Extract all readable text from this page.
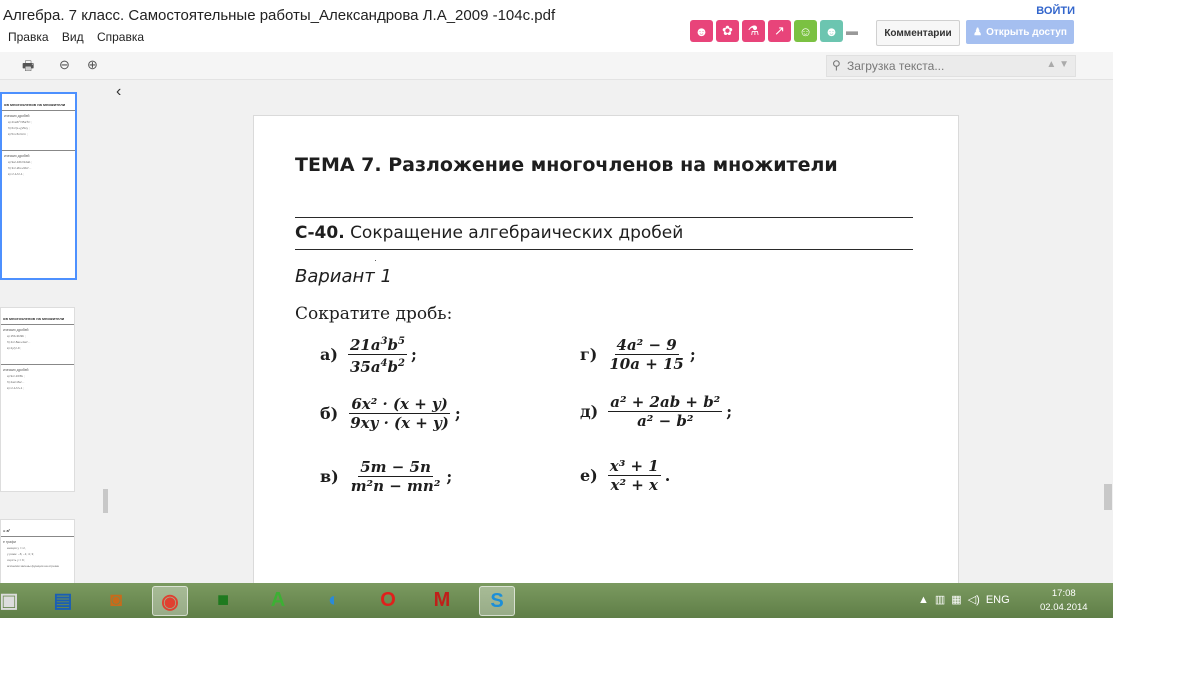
Алгебра. 7 класс. Самостоятельные работы_Александрова Л.А_2009 -104с.pdf
Правка Вид Справка
ВОЙТИ
☻	✿	⚗	↗	☺ ☻ ▬	Комментарии	♟ Открыть доступ
🖶 ⊖ ⊕	⚲ Загрузка текста...	▲ ▼
ов многочленов на множители
ических дробей
а) 21a³b⁵/35a⁴b² ;
б) 6x²(x+y)/9xy ;
в) 5m-5n/m²n ;
ических дробей
а) 9a²-16b²/12ab ;
б) 3x²-2bx+9b²/…
в) x³-1/x²-1 ;
ов многочленов на множители
ических дробей
а) 15b-3b/9b ;
б) 4x²-8ax+4a²/…
в) 4y/y²-9 ;
ических дробей
а) 9x²-16/8x ;
б) 2ax²-8a/…
в) x²-1/x³+1 ;
= a²
е графи
енкция y = x²,
у рожн: −6; −1; 4; 3;
очрсть y = 9;
агическм залены функции на отрезке
‹
ТЕМА 7. Разложение многочленов на множители
С-40. Сокращение алгебраических дробей
·
Вариант 1
Сократите дробь:
$а) \frac{21a^3b^5}{35a^4b^2}$ ;
$б) \frac{\text{6x² · (x + y)}}{9xy \cdot (x + y)}$ ;
$в) \frac{5m - 5n}{\text{m²n − mn²}}$ ;
$г) \frac{\text{4a² − 9}}{10a + 15}$ ;
$д) \frac{\text{a² + 2ab + b²}}{\text{a² − b²}}$ ;
$е) \frac{\text{x³ + 1}}{\text{x² + x}}$ .
▣	▤	◙	◉	■	A	◐	O	M	S	▲ ▥ ▦ ◁) ENG	17:08
02.04.2014
